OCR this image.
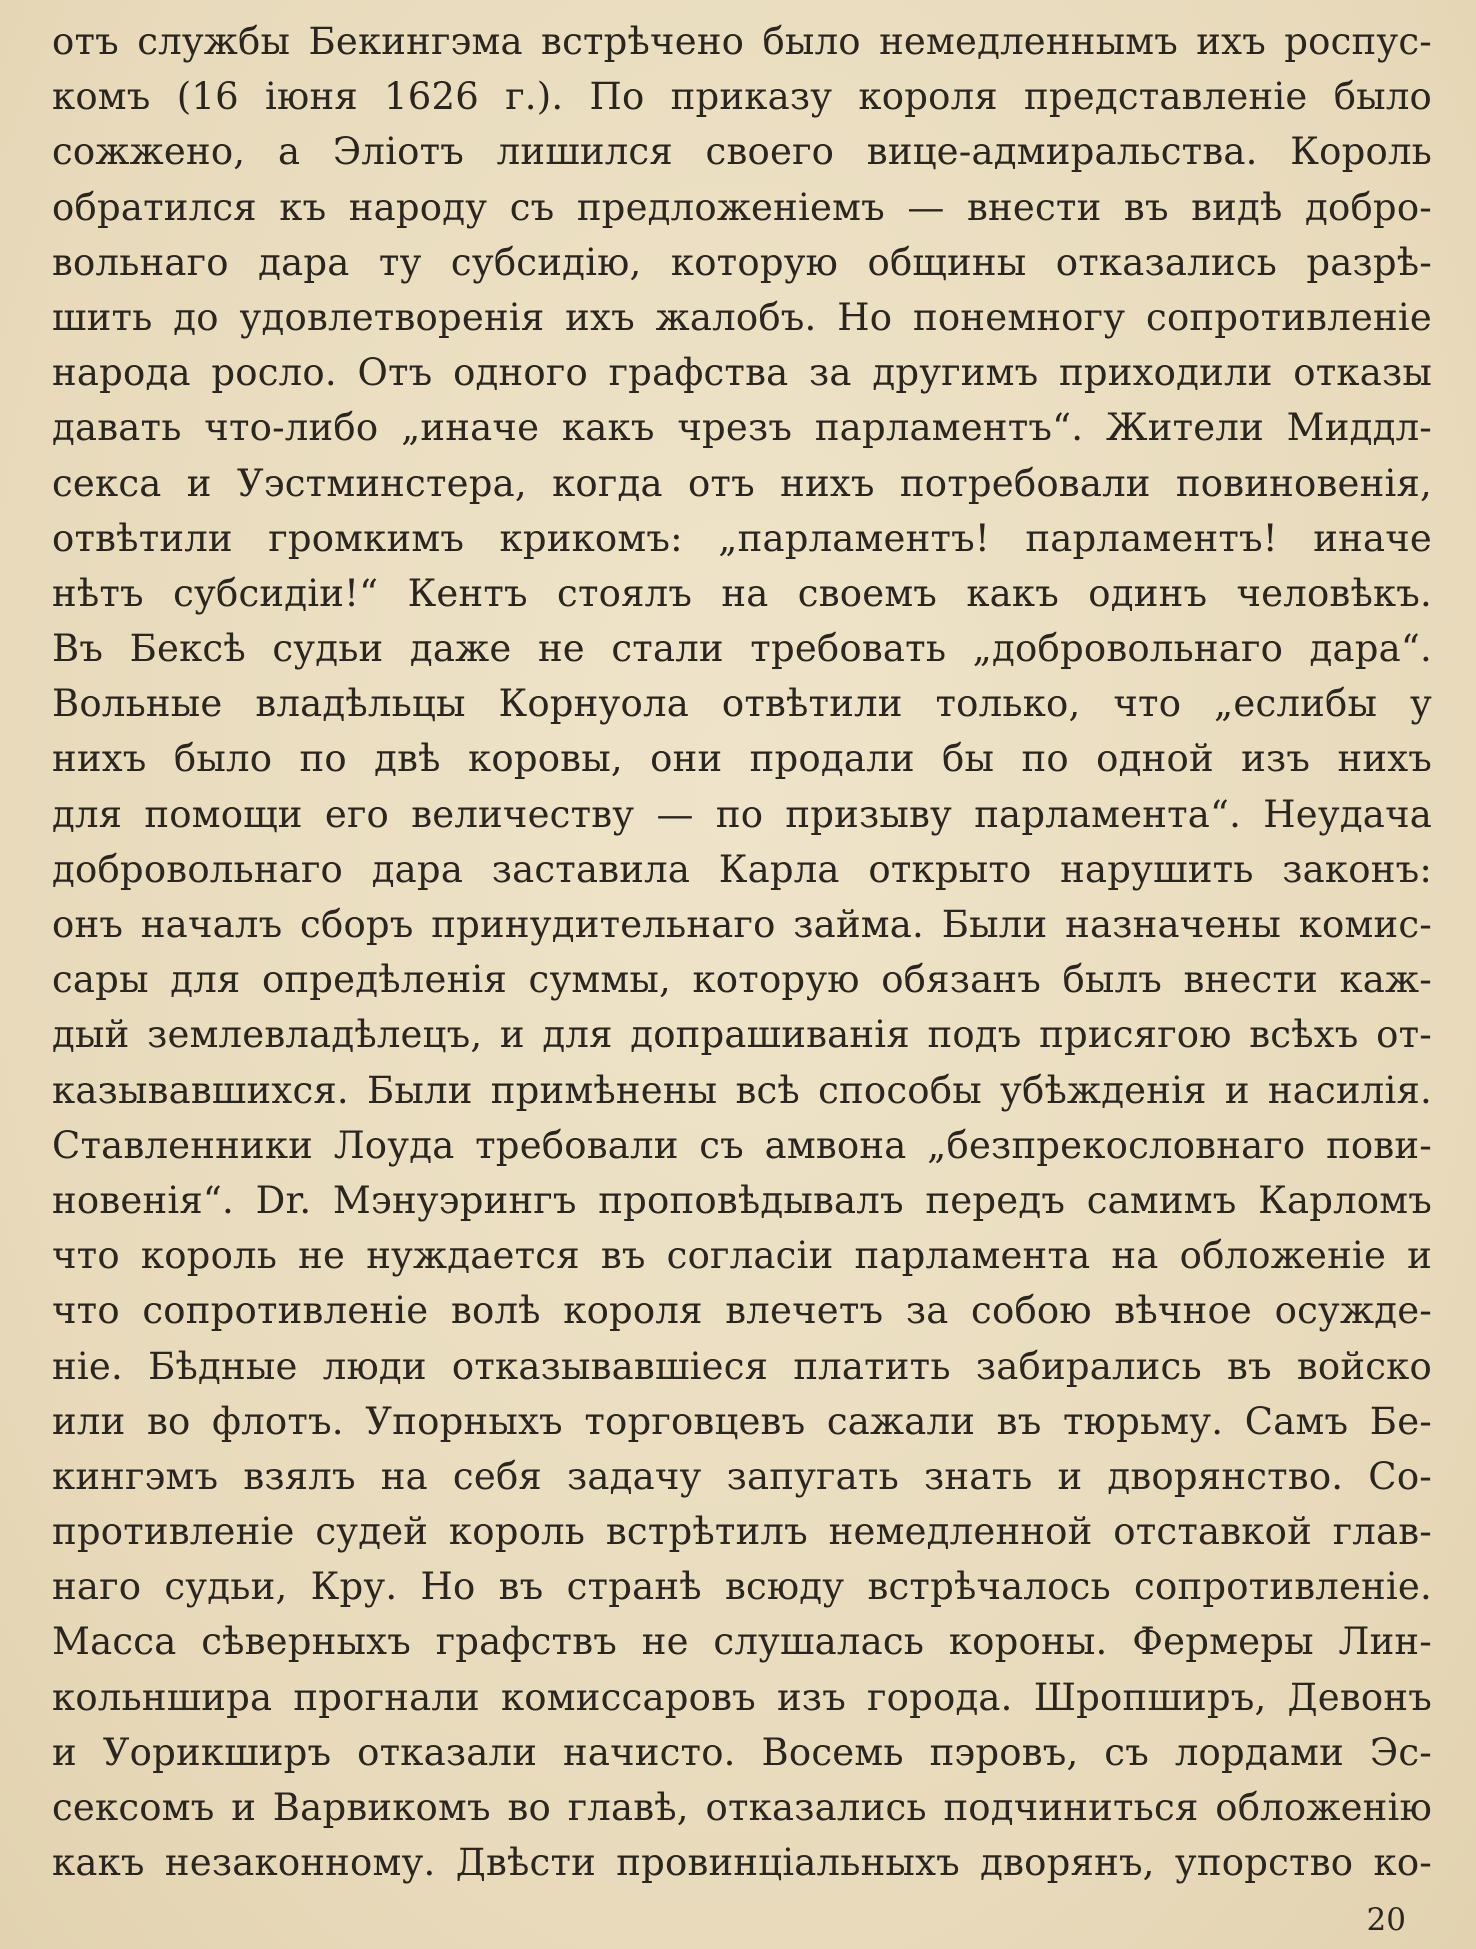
отъ службы Бекингэма встрѣчено было немедленнымъ ихъ роспус-
комъ (16 іюня 1626 г.). По приказу короля представленіе было
сожжено, а Эліотъ лишился своего вице-адмиральства. Король
обратился къ народу съ предложеніемъ — внести въ видѣ добро-
вольнаго дара ту субсидію, которую общины отказались разрѣ-
шить до удовлетворенія ихъ жалобъ. Но понемногу сопротивленіе
народа росло. Отъ одного графства за другимъ приходили отказы
давать что-либо „иначе какъ чрезъ парламентъ“. Жители Миддл-
секса и Уэстминстера, когда отъ нихъ потребовали повиновенія,
отвѣтили громкимъ крикомъ: „парламентъ! парламентъ! иначе
нѣтъ субсидіи!“ Кентъ стоялъ на своемъ какъ одинъ человѣкъ.
Въ Бексѣ судьи даже не стали требовать „добровольнаго дара“.
Вольные владѣльцы Корнуола отвѣтили только, что „еслибы у
нихъ было по двѣ коровы, они продали бы по одной изъ нихъ
для помощи его величеству — по призыву парламента“. Неудача
добровольнаго дара заставила Карла открыто нарушить законъ:
онъ началъ сборъ принудительнаго займа. Были назначены комис-
сары для опредѣленія суммы, которую обязанъ былъ внести каж-
дый землевладѣлецъ, и для допрашиванія подъ присягою всѣхъ от-
казывавшихся. Были примѣнены всѣ способы убѣжденія и насилія.
Ставленники Лоуда требовали съ амвона „безпрекословнаго пови-
новенія“. Dr. Мэнуэрингъ проповѣдывалъ передъ самимъ Карломъ
что король не нуждается въ согласіи парламента на обложеніе и
что сопротивленіе волѣ короля влечетъ за собою вѣчное осужде-
ніе. Бѣдные люди отказывавшіеся платить забирались въ войско
или во флотъ. Упорныхъ торговцевъ сажали въ тюрьму. Самъ Бе-
кингэмъ взялъ на себя задачу запугать знать и дворянство. Со-
противленіе судей король встрѣтилъ немедленной отставкой глав-
наго судьи, Кру. Но въ странѣ всюду встрѣчалось сопротивленіе.
Масса сѣверныхъ графствъ не слушалась короны. Фермеры Лин-
кольншира прогнали комиссаровъ изъ города. Шропширъ, Девонъ
и Уорикширъ отказали начисто. Восемь пэровъ, съ лордами Эс-
сексомъ и Варвикомъ во главѣ, отказались подчиниться обложенію
какъ незаконному. Двѣсти провинціальныхъ дворянъ, упорство ко-
20
